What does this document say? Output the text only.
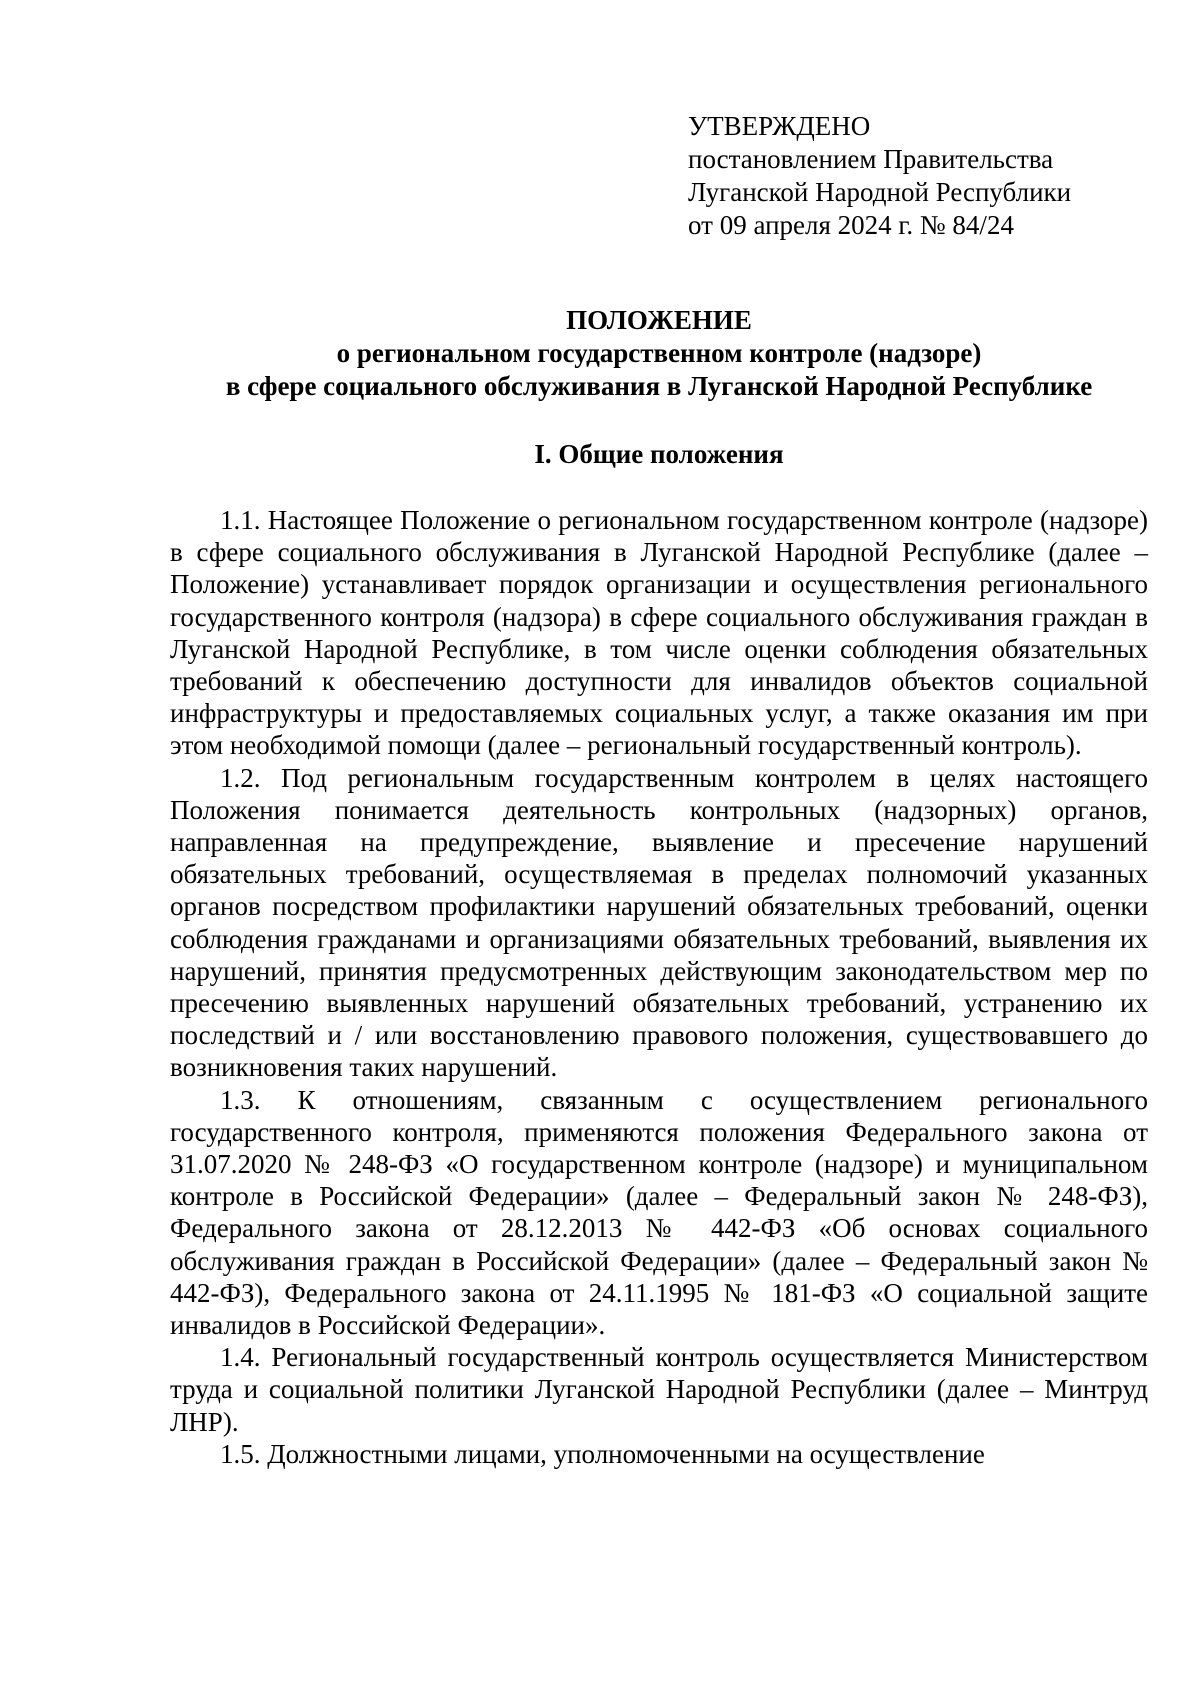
УТВЕРЖДЕНО
постановлением Правительства
Луганской Народной Республики
от 09 апреля 2024 г. № 84/24
ПОЛОЖЕНИЕ
о региональном государственном контроле (надзоре)
в сфере социального обслуживания в Луганской Народной Республике
I. Общие положения

1.1. Настоящее Положение о региональном государственном контроле (надзоре) в сфере социального обслуживания в Луганской Народной Республике (далее – Положение) устанавливает порядок организации и осуществления регионального государственного контроля (надзора) в сфере социального обслуживания граждан в Луганской Народной Республике, в том числе оценки соблюдения обязательных требований к обеспечению доступности для инвалидов объектов социальной инфраструктуры и предоставляемых социальных услуг, а также оказания им при этом необходимой помощи (далее – региональный государственный контроль).

1.2. Под региональным государственным контролем в целях настоящего Положения понимается деятельность контрольных (надзорных) органов, направленная на предупреждение, выявление и пресечение нарушений обязательных требований, осуществляемая в пределах полномочий указанных органов посредством профилактики нарушений обязательных требований, оценки соблюдения гражданами и организациями обязательных требований, выявления их нарушений, принятия предусмотренных действующим законодательством мер по пресечению выявленных нарушений обязательных требований, устранению их последствий и / или восстановлению правового положения, существовавшего до возникновения таких нарушений.

1.3. К отношениям, связанным с осуществлением регионального государственного контроля, применяются положения Федерального закона от 31.07.2020 № 248-ФЗ «О государственном контроле (надзоре) и муниципальном контроле в Российской Федерации» (далее – Федеральный закон № 248-ФЗ), Федерального закона от 28.12.2013 № 442-ФЗ «Об основах социального обслуживания граждан в Российской Федерации» (далее – Федеральный закон № 442-ФЗ), Федерального закона от 24.11.1995 № 181-ФЗ «О социальной защите инвалидов в Российской Федерации».

1.4. Региональный государственный контроль осуществляется Министерством труда и социальной политики Луганской Народной Республики (далее – Минтруд ЛНР).

1.5. Должностными лицами, уполномоченными на осуществление
